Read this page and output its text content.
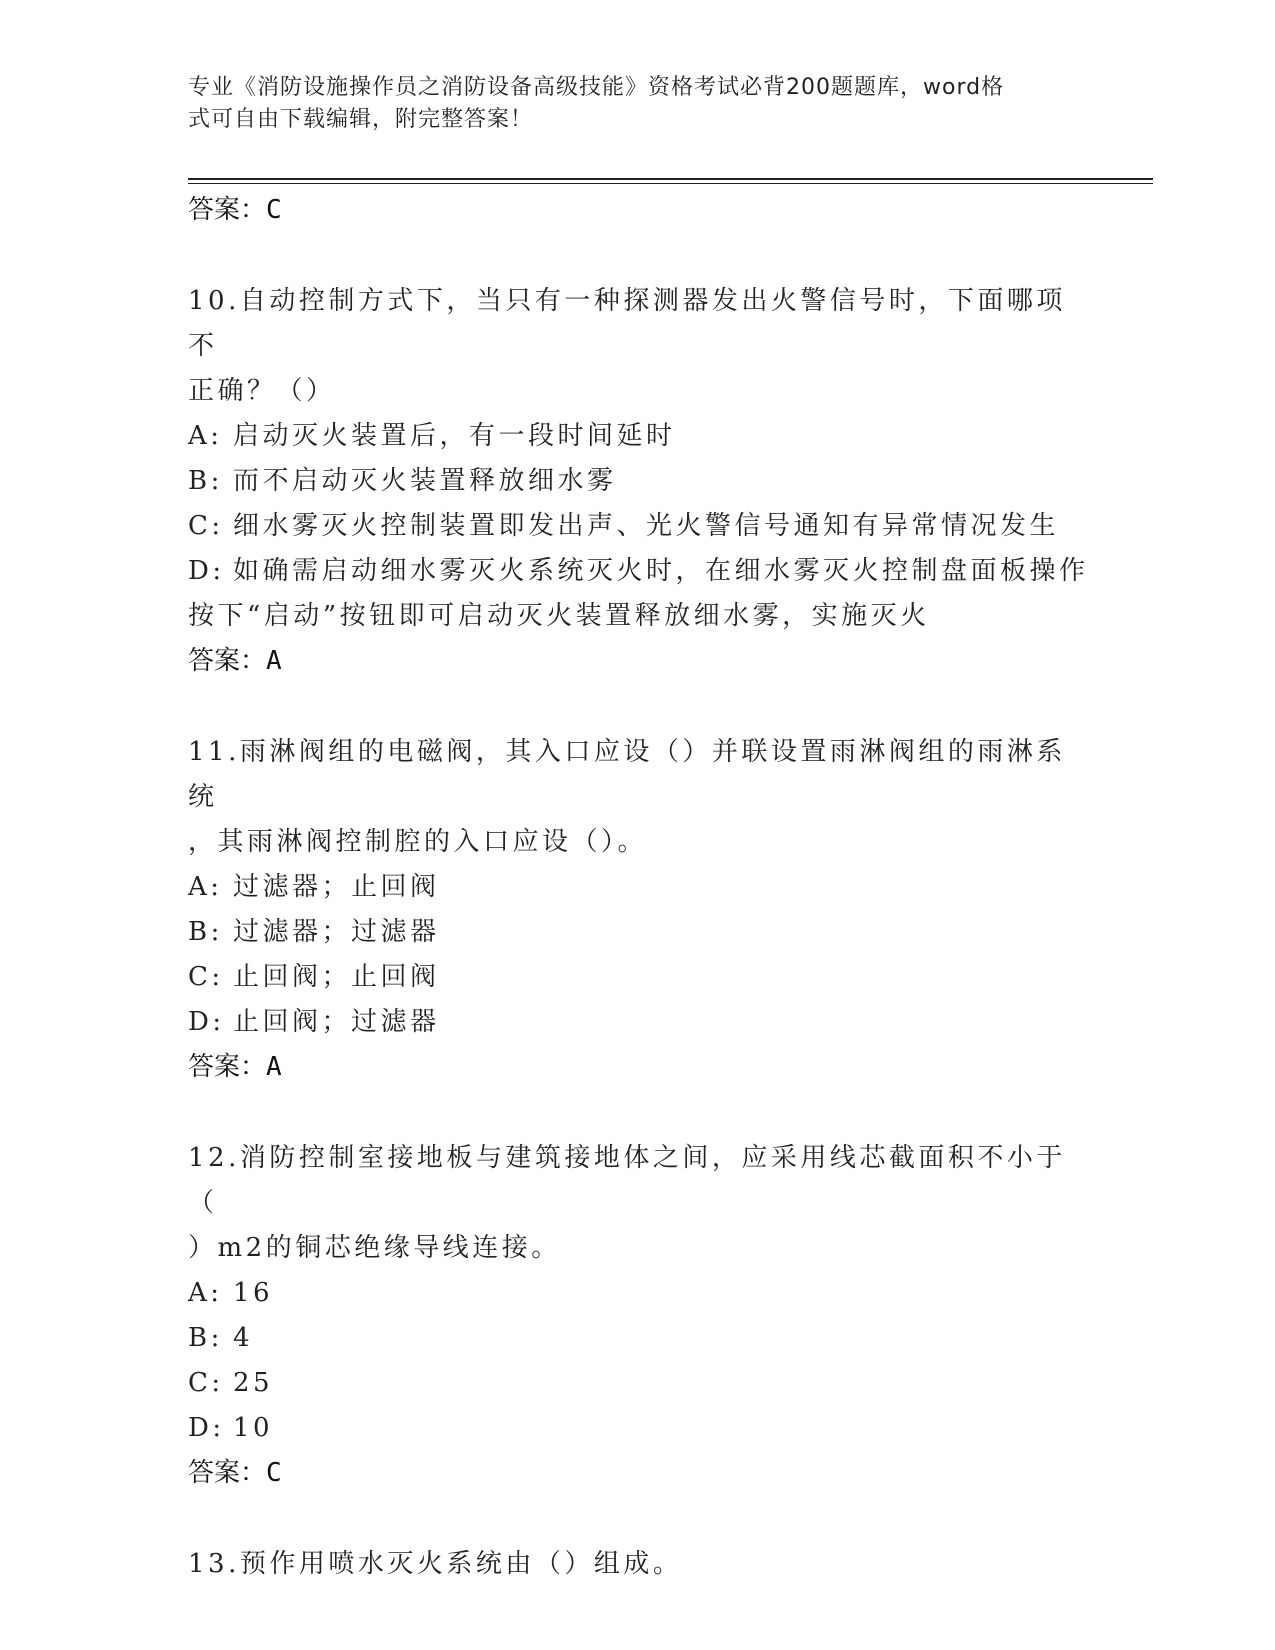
专业《消防设施操作员之消防设备高级技能》资格考试必背200题题库，word格
式可自由下载编辑，附完整答案！
答案：C
10.自动控制方式下，当只有一种探测器发出火警信号时，下面哪项不
正确？（）
A: 启动灭火装置后，有一段时间延时
B: 而不启动灭火装置释放细水雾
C: 细水雾灭火控制装置即发出声、光火警信号通知有异常情况发生
D: 如确需启动细水雾灭火系统灭火时，在细水雾灭火控制盘面板操作
按下“启动”按钮即可启动灭火装置释放细水雾，实施灭火
答案：A
11.雨淋阀组的电磁阀，其入口应设（）并联设置雨淋阀组的雨淋系统
，其雨淋阀控制腔的入口应设（）。
A: 过滤器；止回阀
B: 过滤器；过滤器
C: 止回阀；止回阀
D: 止回阀；过滤器
答案：A
12.消防控制室接地板与建筑接地体之间，应采用线芯截面积不小于（
）m2的铜芯绝缘导线连接。
A: 16
B: 4
C: 25
D: 10
答案：C
13.预作用喷水灭火系统由（）组成。
